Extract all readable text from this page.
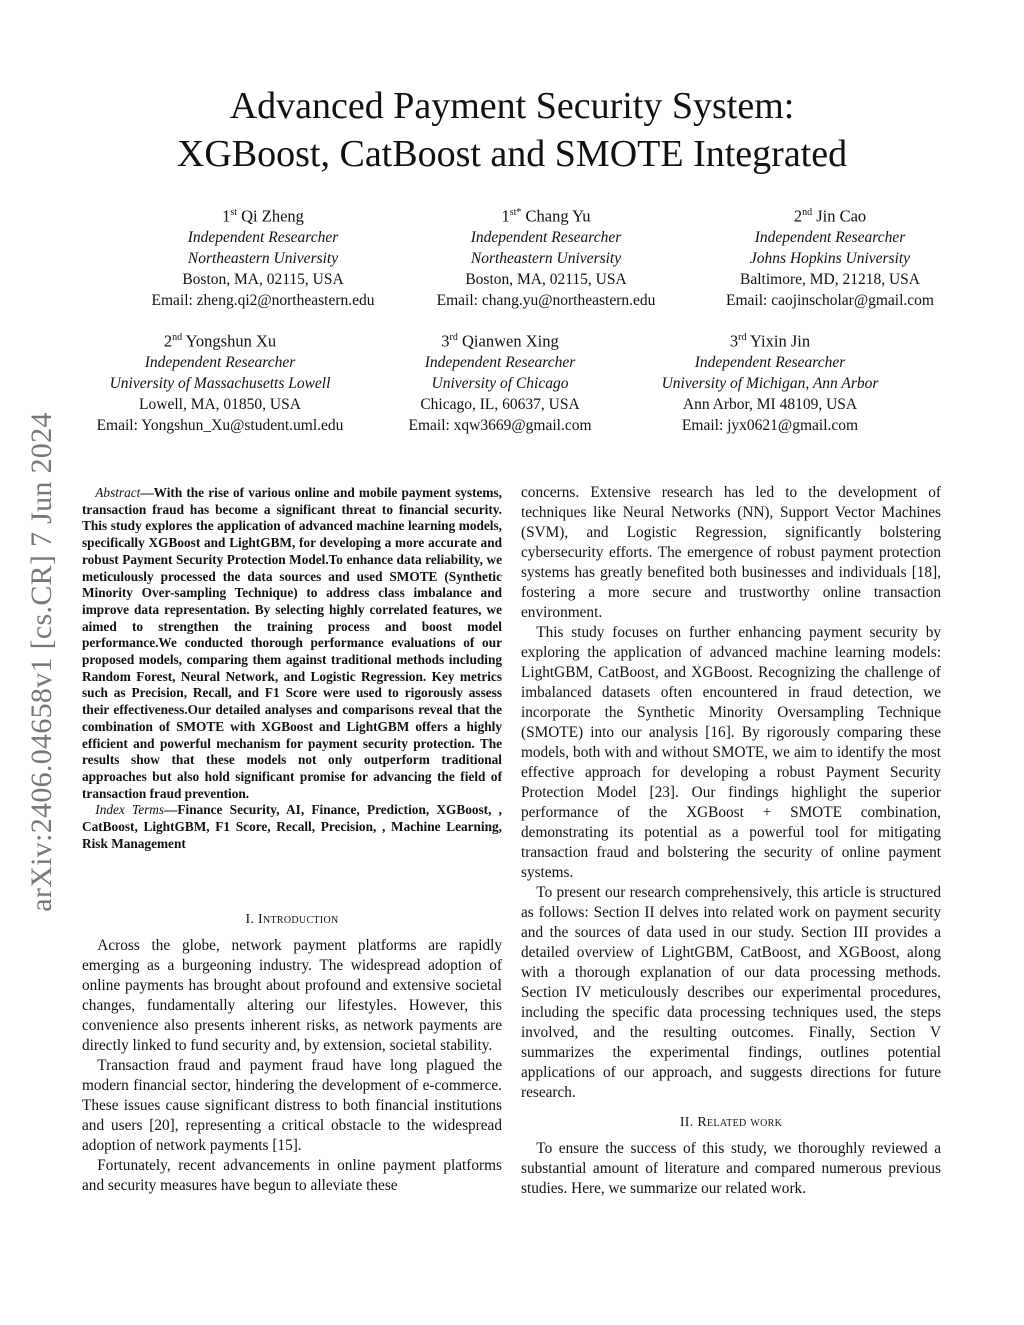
Advanced Payment Security System:
XGBoost, CatBoost and SMOTE Integrated
arXiv:2406.04658v1 [cs.CR] 7 Jun 2024
1st Qi Zheng
Independent Researcher
Northeastern University
Boston, MA, 02115, USA
Email: zheng.qi2@northeastern.edu
$1^{st*}$ Chang Yu
Independent Researcher
Northeastern University
Boston, MA, 02115, USA
Email: chang.yu@northeastern.edu
2nd Jin Cao
Independent Researcher
Johns Hopkins University
Baltimore, MD, 21218, USA
Email: caojinscholar@gmail.com
2nd Yongshun Xu
Independent Researcher
University of Massachusetts Lowell
Lowell, MA, 01850, USA
Email: Yongshun_Xu@student.uml.edu
3rd Qianwen Xing
Independent Researcher
University of Chicago
Chicago, IL, 60637, USA
Email: xqw3669@gmail.com
3rd Yixin Jin
Independent Researcher
University of Michigan, Ann Arbor
Ann Arbor, MI 48109, USA
Email: jyx0621@gmail.com

Abstract—With the rise of various online and mobile payment systems, transaction fraud has become a significant threat to financial security. This study explores the application of advanced machine learning models, specifically XGBoost and LightGBM, for developing a more accurate and robust Payment Security Protection Model.To enhance data reliability, we meticulously processed the data sources and used SMOTE (Synthetic Minority Over-sampling Technique) to address class imbalance and improve data representation. By selecting highly correlated features, we aimed to strengthen the training process and boost model performance.We conducted thorough performance evaluations of our proposed models, comparing them against traditional methods including Random Forest, Neural Network, and Logistic Regression. Key metrics such as Precision, Recall, and F1 Score were used to rigorously assess their effectiveness.Our detailed analyses and comparisons reveal that the combination of SMOTE with XGBoost and LightGBM offers a highly efficient and powerful mechanism for payment security protection. The results show that these models not only outperform traditional approaches but also hold significant promise for advancing the field of transaction fraud prevention.

Index Terms—Finance Security, AI, Finance, Prediction, XGBoost, , CatBoost, LightGBM, F1 Score, Recall, Precision, , Machine Learning, Risk Management

I. Introduction

Across the globe, network payment platforms are rapidly emerging as a burgeoning industry. The widespread adoption of online payments has brought about profound and extensive societal changes, fundamentally altering our lifestyles. However, this convenience also presents inherent risks, as network payments are directly linked to fund security and, by extension, societal stability.

Transaction fraud and payment fraud have long plagued the modern financial sector, hindering the development of e-commerce. These issues cause significant distress to both financial institutions and users [20], representing a critical obstacle to the widespread adoption of network payments [15].

Fortunately, recent advancements in online payment platforms and security measures have begun to alleviate these

concerns. Extensive research has led to the development of techniques like Neural Networks (NN), Support Vector Machines (SVM), and Logistic Regression, significantly bolstering cybersecurity efforts. The emergence of robust payment protection systems has greatly benefited both businesses and individuals [18], fostering a more secure and trustworthy online transaction environment.

This study focuses on further enhancing payment security by exploring the application of advanced machine learning models: LightGBM, CatBoost, and XGBoost. Recognizing the challenge of imbalanced datasets often encountered in fraud detection, we incorporate the Synthetic Minority Oversampling Technique (SMOTE) into our analysis [16]. By rigorously comparing these models, both with and without SMOTE, we aim to identify the most effective approach for developing a robust Payment Security Protection Model [23]. Our findings highlight the superior performance of the XGBoost + SMOTE combination, demonstrating its potential as a powerful tool for mitigating transaction fraud and bolstering the security of online payment systems.

To present our research comprehensively, this article is structured as follows: Section II delves into related work on payment security and the sources of data used in our study. Section III provides a detailed overview of LightGBM, CatBoost, and XGBoost, along with a thorough explanation of our data processing methods. Section IV meticulously describes our experimental procedures, including the specific data processing techniques used, the steps involved, and the resulting outcomes. Finally, Section V summarizes the experimental findings, outlines potential applications of our approach, and suggests directions for future research.

II. Related work

To ensure the success of this study, we thoroughly reviewed a substantial amount of literature and compared numerous previous studies. Here, we summarize our related work.
